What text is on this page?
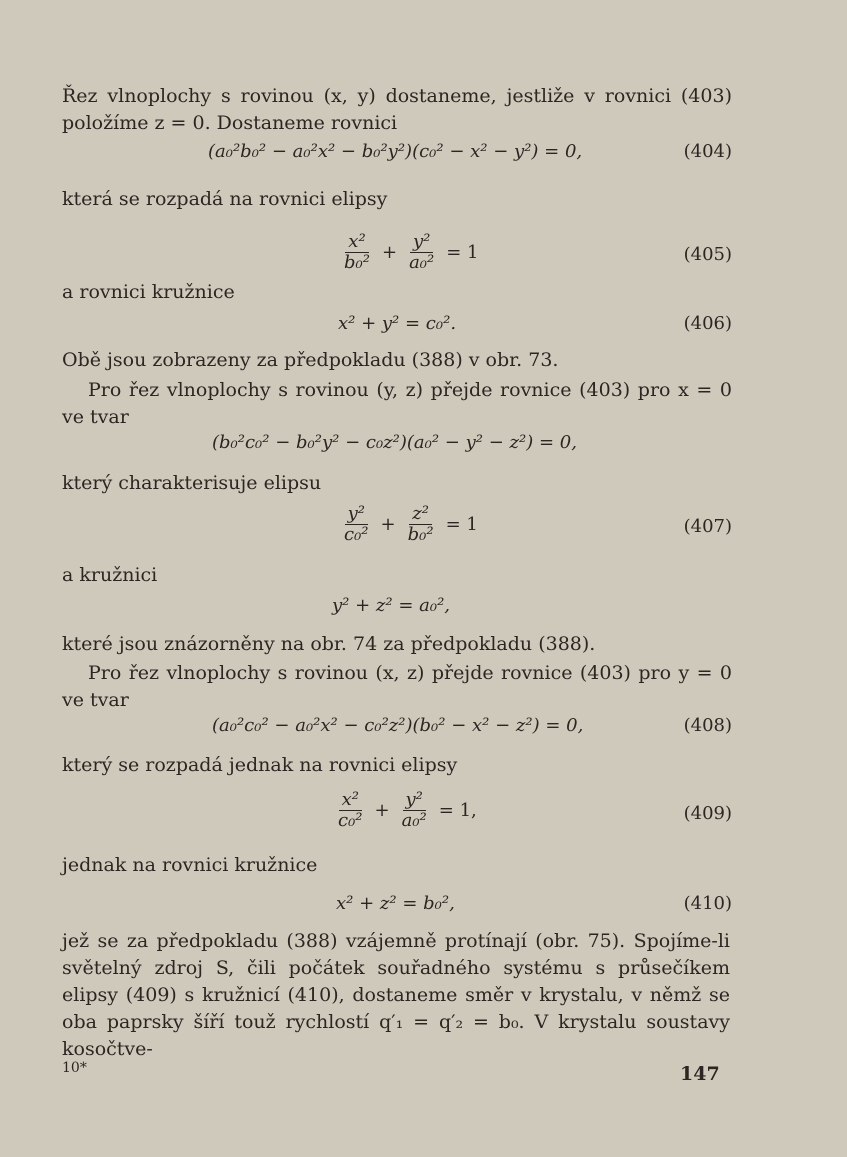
Řez vlnoplochy s rovinou (x, y) dostaneme, jestliže v rovnici (403) položíme z = 0. Dostaneme rovnici
(a₀²b₀² − a₀²x² − b₀²y²)(c₀² − x² − y²) = 0,	(404)
která se rozpadá na rovnici elipsy
$\frac{\text{x²}}{\text{b₀²}} + \frac{\text{y²}}{\text{a₀²}} = 1$	(405)
a rovnici kružnice
x² + y² = c₀².	(406)
Obě jsou zobrazeny za předpokladu (388) v obr. 73.
Pro řez vlnoplochy s rovinou (y, z) přejde rovnice (403) pro x = 0 ve tvar
(b₀²c₀² − b₀²y² − c₀z²)(a₀² − y² − z²) = 0,
který charakterisuje elipsu
$\frac{\text{y²}}{\text{c₀²}} + \frac{\text{z²}}{\text{b₀²}} = 1$	(407)
a kružnici
y² + z² = a₀²,
které jsou znázorněny na obr. 74 za předpokladu (388).
Pro řez vlnoplochy s rovinou (x, z) přejde rovnice (403) pro y = 0 ve tvar
(a₀²c₀² − a₀²x² − c₀²z²)(b₀² − x² − z²) = 0,	(408)
který se rozpadá jednak na rovnici elipsy
$\frac{\text{x²}}{\text{c₀²}} + \frac{\text{y²}}{\text{a₀²}} = 1$,	(409)
jednak na rovnici kružnice
x² + z² = b₀²,	(410)
jež se za předpokladu (388) vzájemně protínají (obr. 75). Spojíme-li světelný zdroj S, čili počátek souřadného systému s průsečíkem elipsy (409) s kružnicí (410), dostaneme směr v krystalu, v němž se oba paprsky šíří touž rychlostí q′₁ = q′₂ = b₀. V krystalu soustavy kosočtve-
10*	147
